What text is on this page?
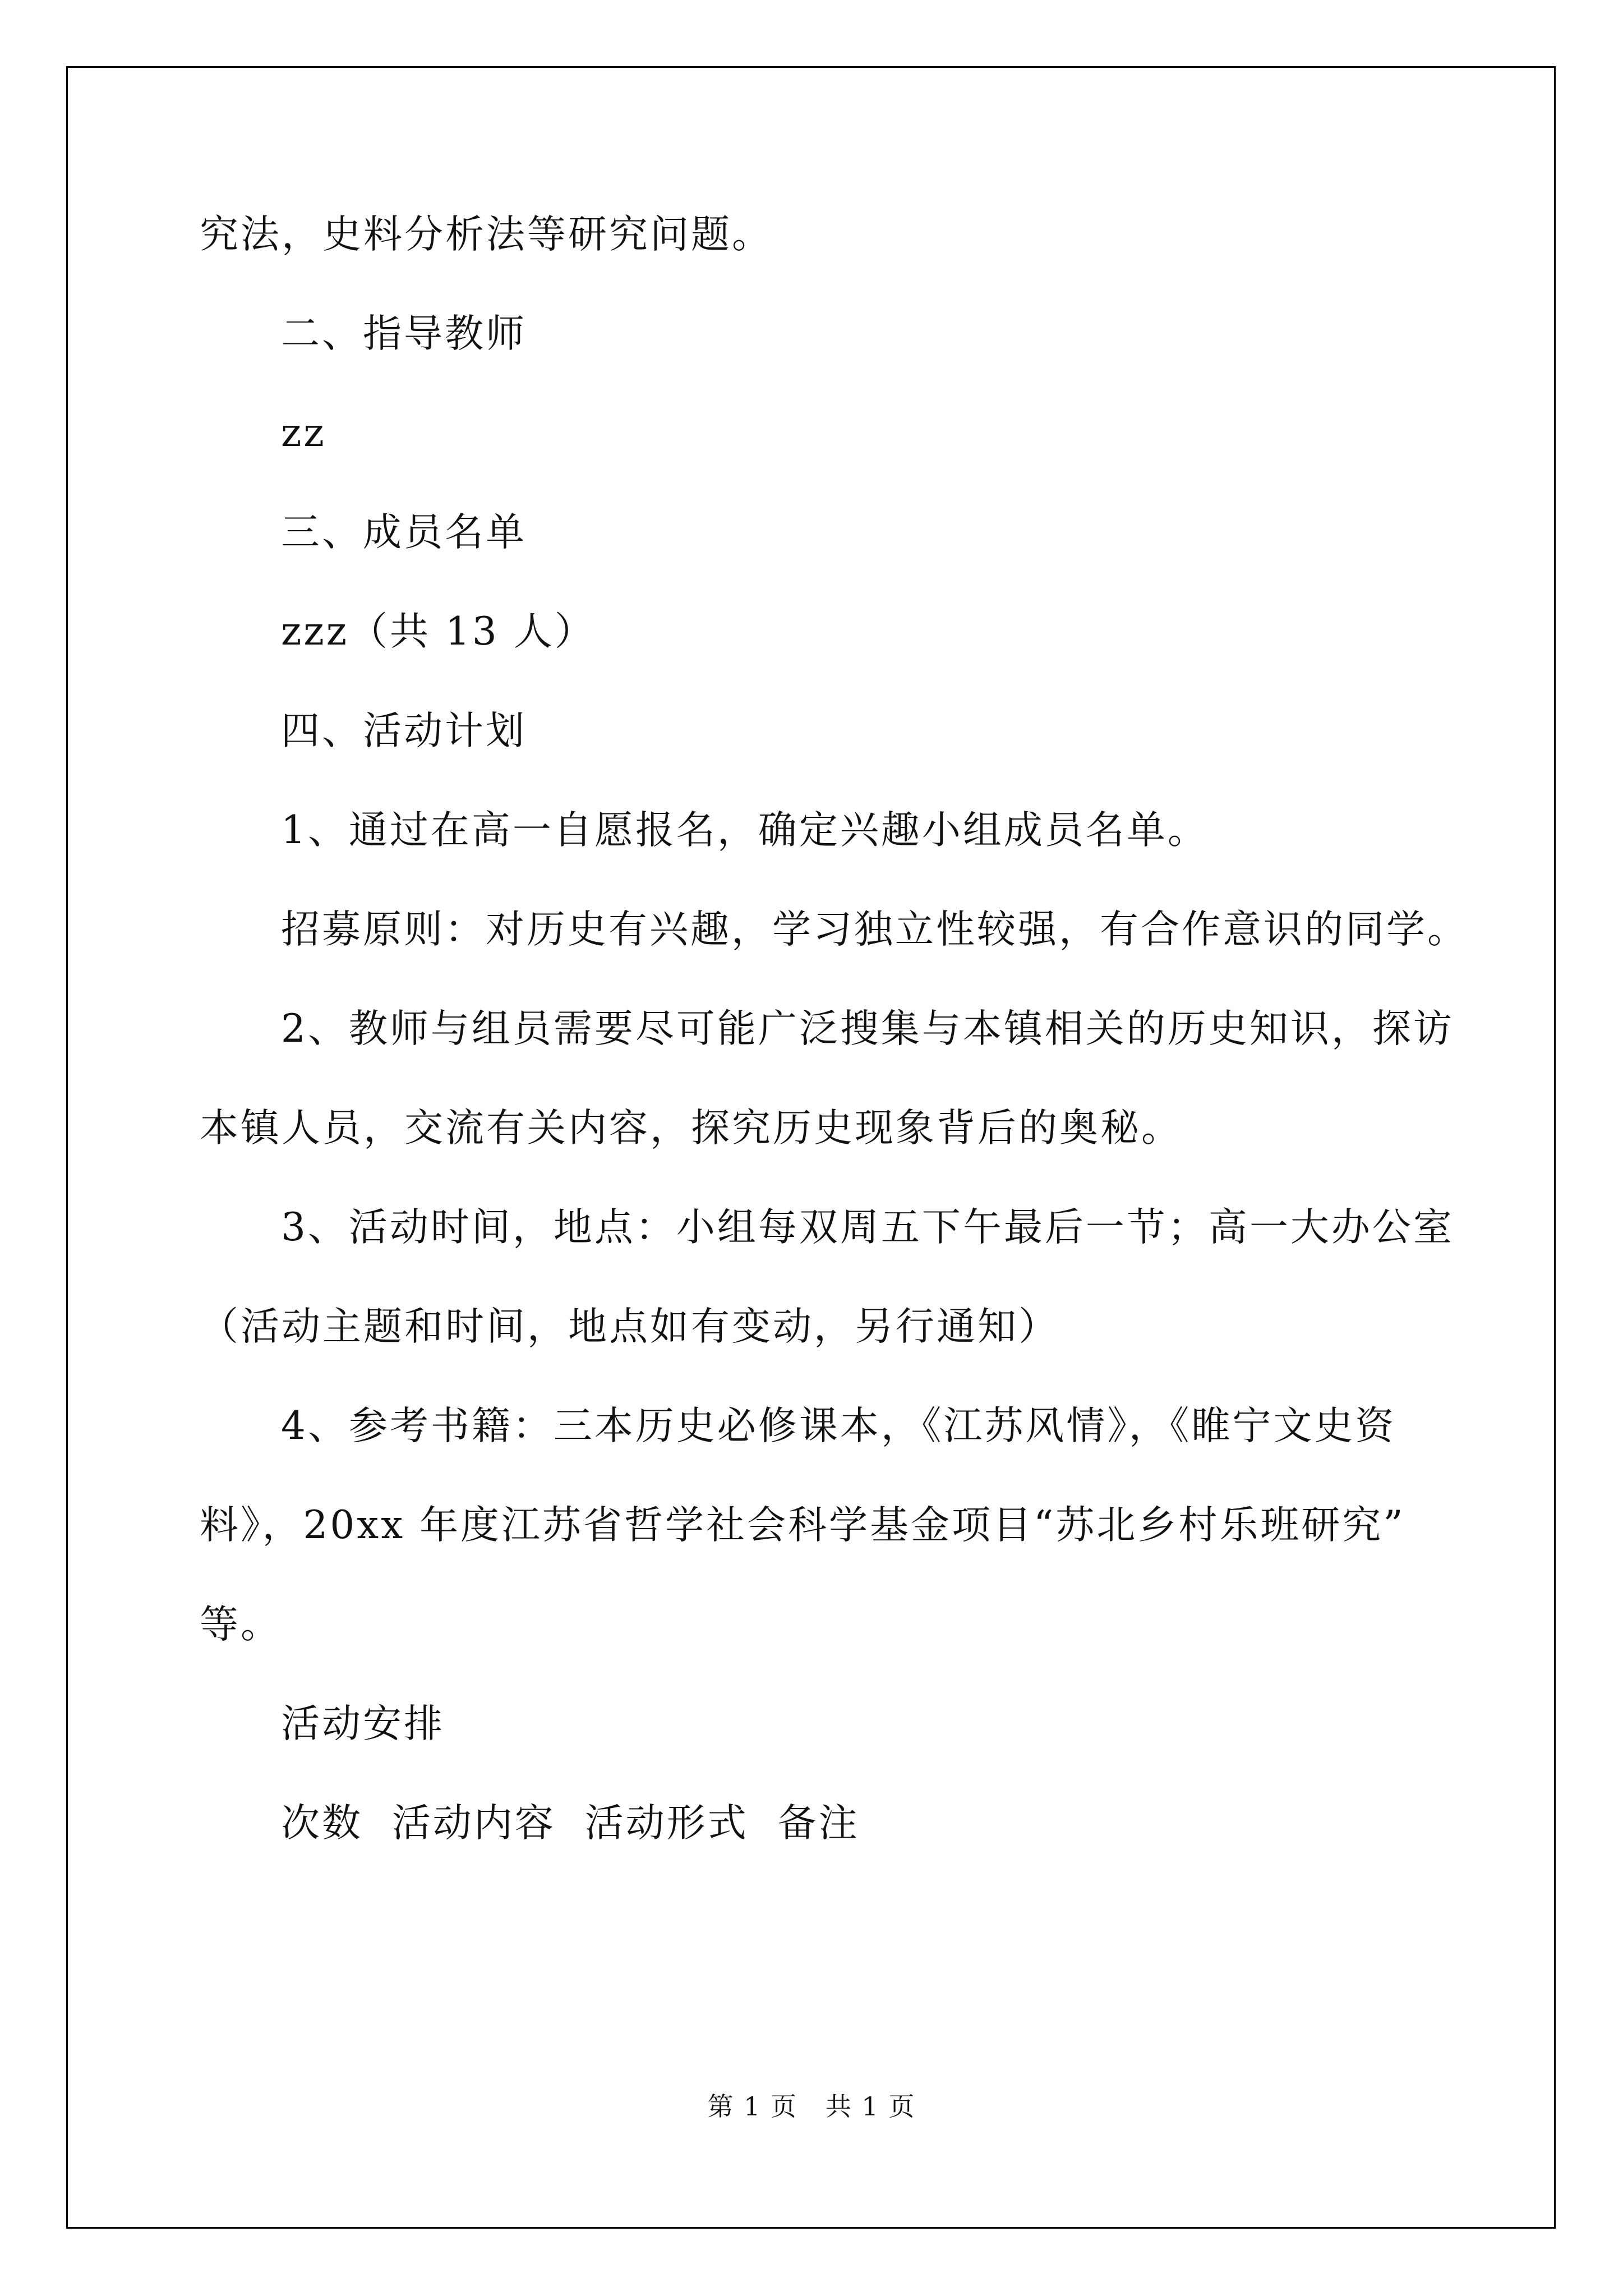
究法，史料分析法等研究问题。
二、指导教师
zz
三、成员名单
zzz（共 13 人）
四、活动计划
1、通过在高一自愿报名，确定兴趣小组成员名单。
招募原则：对历史有兴趣，学习独立性较强，有合作意识的同学。
2、教师与组员需要尽可能广泛搜集与本镇相关的历史知识，探访
本镇人员，交流有关内容，探究历史现象背后的奥秘。
3、活动时间，地点：小组每双周五下午最后一节；高一大办公室
（活动主题和时间，地点如有变动，另行通知）
4、参考书籍：三本历史必修课本，《江苏风情》，《睢宁文史资
料》，20xx 年度江苏省哲学社会科学基金项目“苏北乡村乐班研究”
等。
活动安排
次数  活动内容  活动形式  备注
第 1 页 共 1 页
